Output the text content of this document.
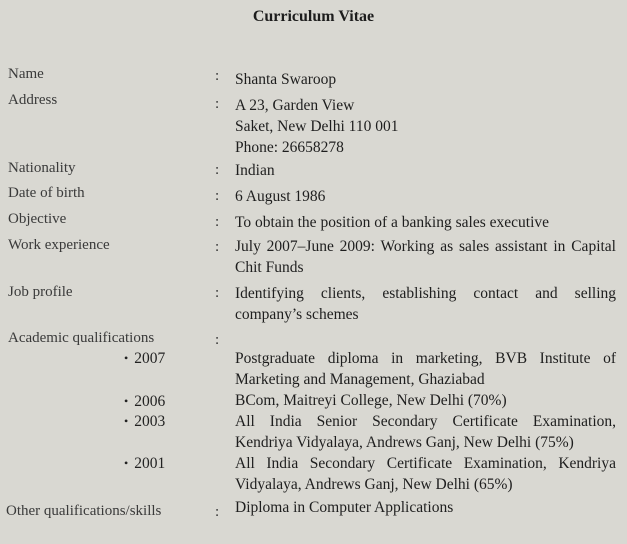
Curriculum Vitae
Name	: Shanta Swaroop
Address	: A 23, Garden View
Saket, New Delhi 110 001
Phone: 26658278
Nationality	: Indian
Date of birth	: 6 August 1986
Objective	: To obtain the position of a banking sales executive
Work experience	: July 2007–June 2009: Working as sales assistant in Capital Chit Funds
Job profile	: Identifying clients, establishing contact and selling company’s schemes
Academic qualifications	:
• 2007	Postgraduate diploma in marketing, BVB Institute of Marketing and Management, Ghaziabad
• 2006	BCom, Maitreyi College, New Delhi (70%)
• 2003	All India Senior Secondary Certificate Examination, Kendriya Vidyalaya, Andrews Ganj, New Delhi (75%)
• 2001	All India Secondary Certificate Examination, Kendriya Vidyalaya, Andrews Ganj, New Delhi (65%)
Other qualifications/skills	: Diploma in Computer Applications
